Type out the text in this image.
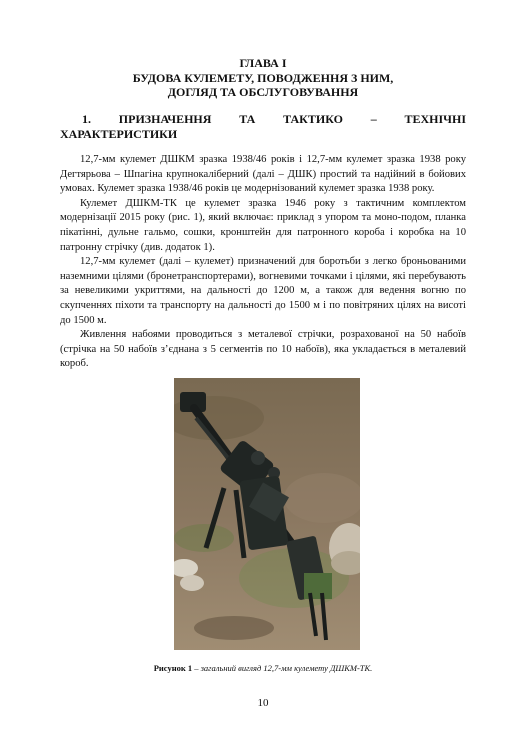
ГЛАВА I
БУДОВА КУЛЕМЕТУ, ПОВОДЖЕННЯ З НИМ,
ДОГЛЯД ТА ОБСЛУГОВУВАННЯ
1. ПРИЗНАЧЕННЯ ТА ТАКТИКО – ТЕХНІЧНІ
ХАРАКТЕРИСТИКИ

12,7-мм кулемет ДШКМ зразка 1938/46 років і 12,7-мм кулемет зразка 1938 року Дегтярьова – Шпагіна крупнокаліберний (далі – ДШК) простий та надійний в бойових умовах. Кулемет зразка 1938/46 років це модернізований кулемет зразка 1938 року.

Кулемет ДШКМ-ТК це кулемет зразка 1946 року з тактичним комплектом модернізації 2015 року (рис. 1), який включає: приклад з упором та моно-подом, планка пікатінні, дульне гальмо, сошки, кронштейн для патронного короба і коробка на 10 патронну стрічку (див. додаток 1).

12,7-мм кулемет (далі – кулемет) призначений для боротьби з легко броньованими наземними цілями (бронетранспортерами), вогневими точками і цілями, які перебувають за невеликими укриттями, на дальності до 1200 м, а також для ведення вогню по скупченнях піхоти та транспорту на дальності до 1500 м і по повітряних цілях на висоті до 1500 м.

Живлення набоями проводиться з металевої стрічки, розрахованої на 50 набоїв (стрічка на 50 набоїв з’єднана з 5 сегментів по 10 набоїв), яка укладається в металевий короб.

Рисунок 1 – загальний вигляд 12,7-мм кулемету ДШКМ-ТК.
10
